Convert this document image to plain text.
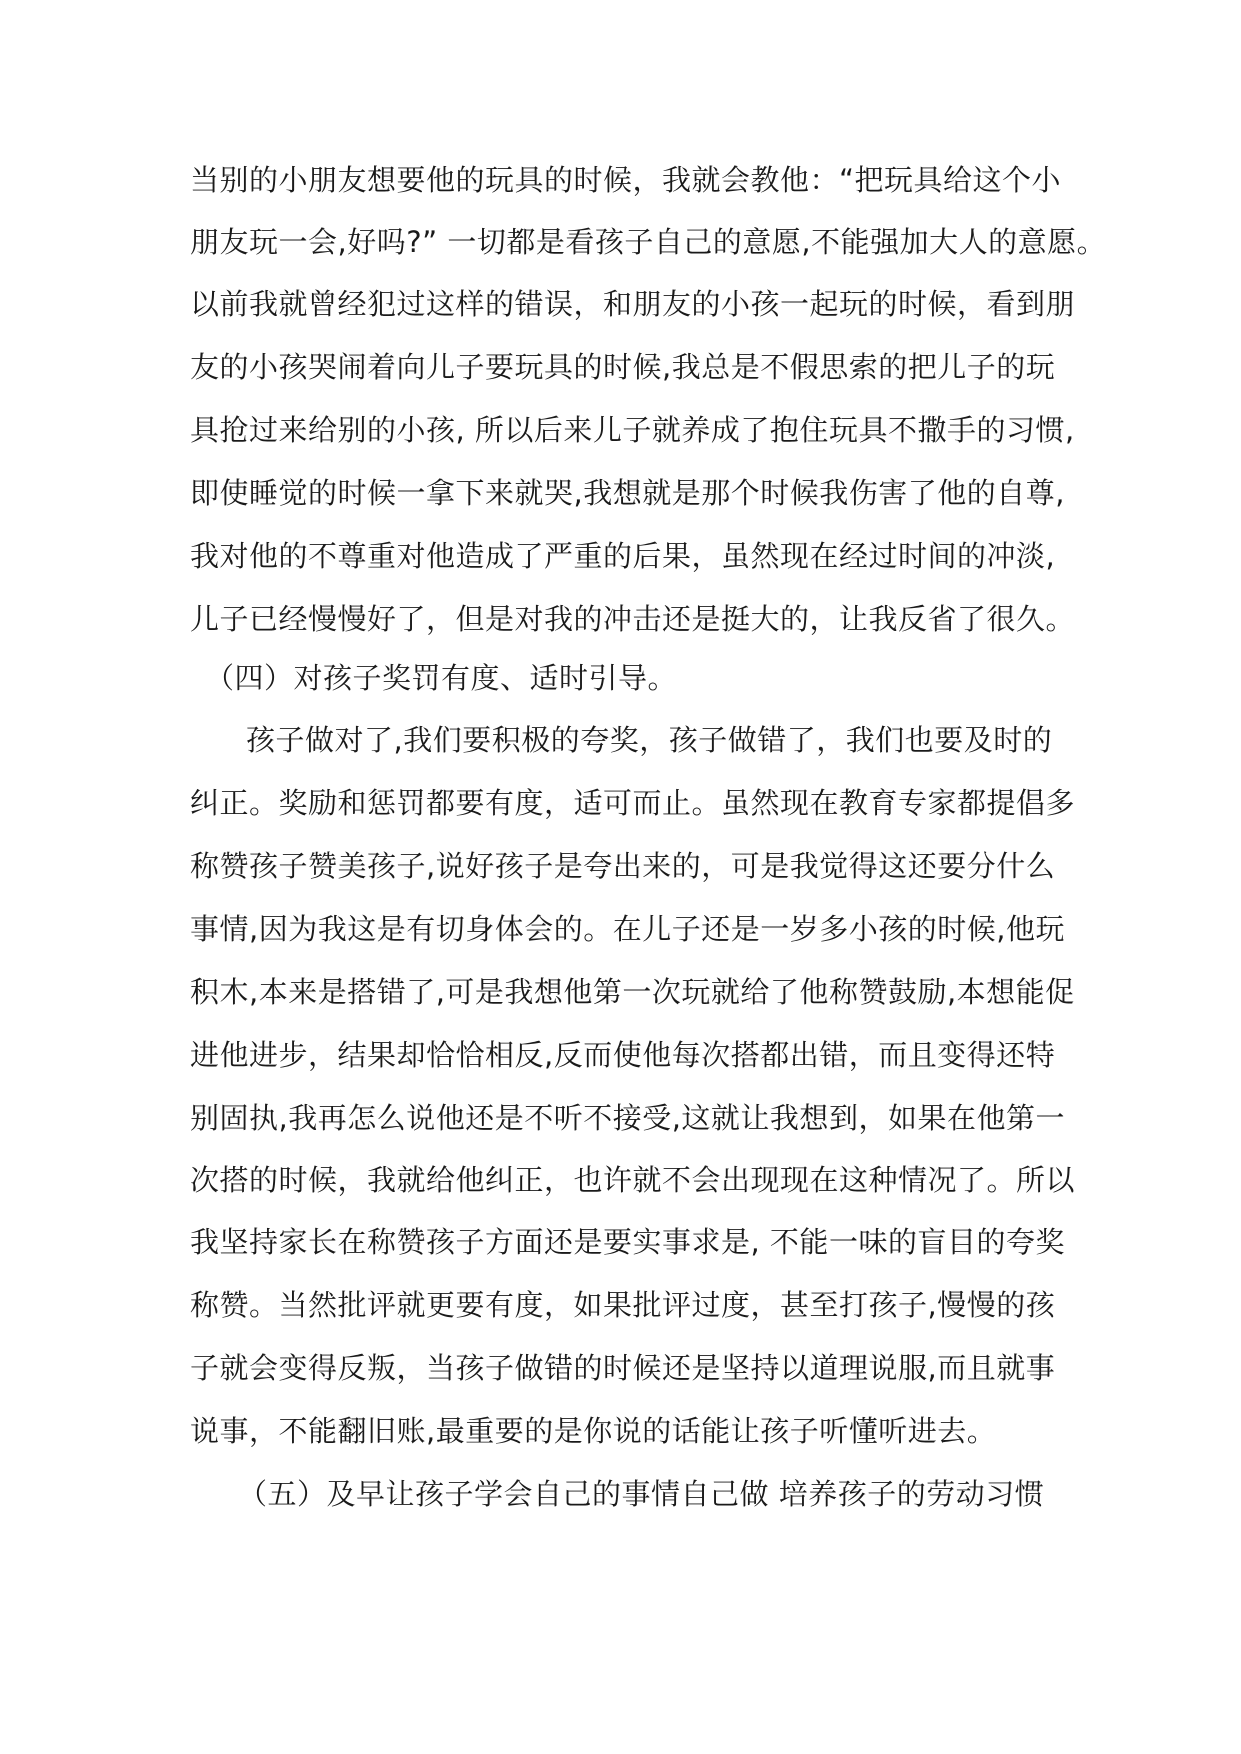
当别的小朋友想要他的玩具的时候，我就会教他：“把玩具给这个小
朋友玩一会,好吗?” 一切都是看孩子自己的意愿,不能强加大人的意愿。
以前我就曾经犯过这样的错误，和朋友的小孩一起玩的时候，看到朋
友的小孩哭闹着向儿子要玩具的时候,我总是不假思索的把儿子的玩
具抢过来给别的小孩, 所以后来儿子就养成了抱住玩具不撒手的习惯,
即使睡觉的时候一拿下来就哭,我想就是那个时候我伤害了他的自尊,
我对他的不尊重对他造成了严重的后果，虽然现在经过时间的冲淡,
儿子已经慢慢好了，但是对我的冲击还是挺大的，让我反省了很久。
（四）对孩子奖罚有度、适时引导。
孩子做对了,我们要积极的夸奖，孩子做错了，我们也要及时的
纠正。奖励和惩罚都要有度，适可而止。虽然现在教育专家都提倡多
称赞孩子赞美孩子,说好孩子是夸出来的，可是我觉得这还要分什么
事情,因为我这是有切身体会的。在儿子还是一岁多小孩的时候,他玩
积木,本来是搭错了,可是我想他第一次玩就给了他称赞鼓励,本想能促
进他进步，结果却恰恰相反,反而使他每次搭都出错，而且变得还特
别固执,我再怎么说他还是不听不接受,这就让我想到，如果在他第一
次搭的时候，我就给他纠正，也许就不会出现现在这种情况了。所以
我坚持家长在称赞孩子方面还是要实事求是, 不能一味的盲目的夸奖
称赞。当然批评就更要有度，如果批评过度，甚至打孩子,慢慢的孩
子就会变得反叛，当孩子做错的时候还是坚持以道理说服,而且就事
说事，不能翻旧账,最重要的是你说的话能让孩子听懂听进去。
（五）及早让孩子学会自己的事情自己做 培养孩子的劳动习惯
